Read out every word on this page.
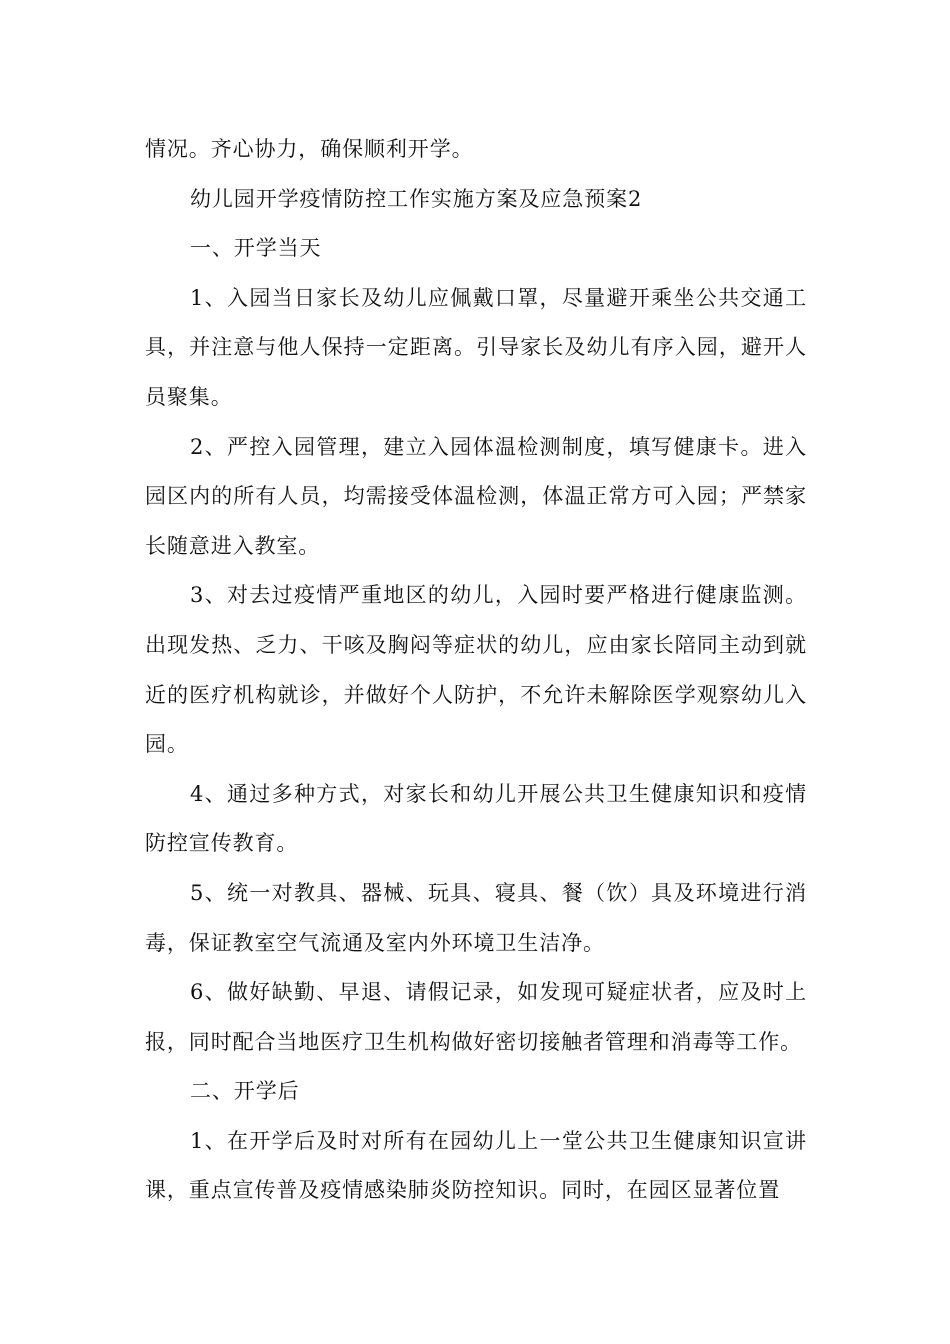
情况。齐心协力，确保顺利开学。

幼儿园开学疫情防控工作实施方案及应急预案2

一、开学当天

1、入园当日家长及幼儿应佩戴口罩，尽量避开乘坐公共交通工具，并注意与他人保持一定距离。引导家长及幼儿有序入园，避开人员聚集。

2、严控入园管理，建立入园体温检测制度，填写健康卡。进入园区内的所有人员，均需接受体温检测，体温正常方可入园；严禁家长随意进入教室。

3、对去过疫情严重地区的幼儿，入园时要严格进行健康监测。出现发热、乏力、干咳及胸闷等症状的幼儿，应由家长陪同主动到就近的医疗机构就诊，并做好个人防护，不允许未解除医学观察幼儿入园。

4、通过多种方式，对家长和幼儿开展公共卫生健康知识和疫情防控宣传教育。

5、统一对教具、器械、玩具、寝具、餐（饮）具及环境进行消毒，保证教室空气流通及室内外环境卫生洁净。

6、做好缺勤、早退、请假记录，如发现可疑症状者，应及时上报，同时配合当地医疗卫生机构做好密切接触者管理和消毒等工作。

二、开学后

1、在开学后及时对所有在园幼儿上一堂公共卫生健康知识宣讲课，重点宣传普及疫情感染肺炎防控知识。同时，在园区显著位置
